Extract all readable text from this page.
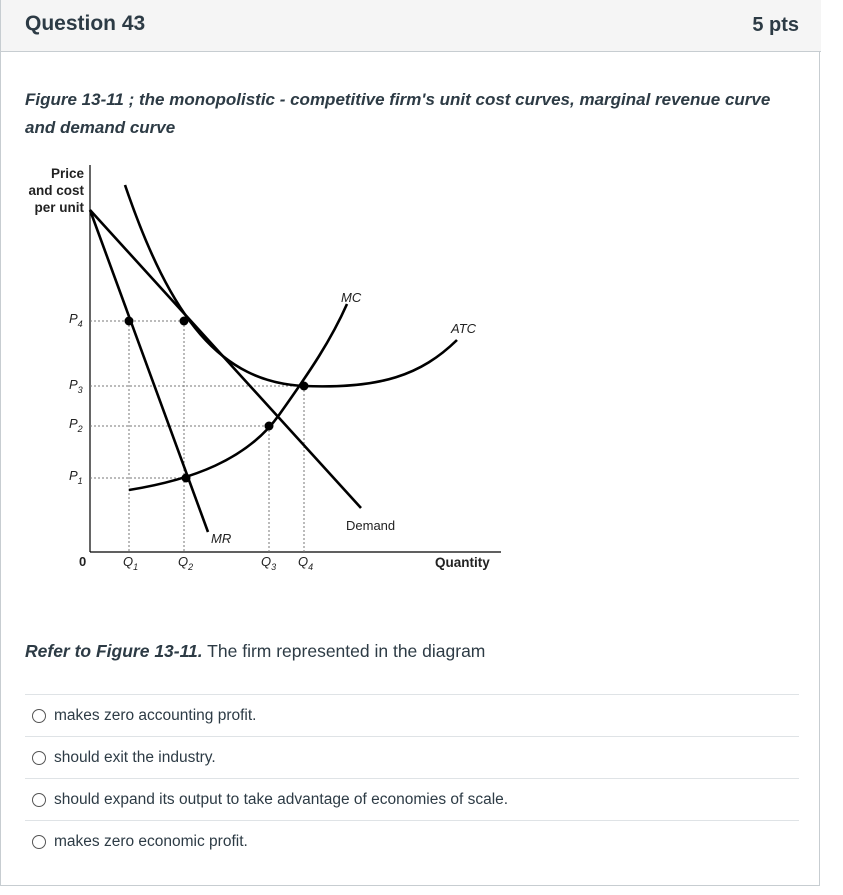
Question 43	5 pts
Figure 13-11 ; the monopolistic - competitive firm's unit cost curves, marginal revenue curve and demand curve
Price
and cost
per unit
MC
ATC
MR
Demand
$P_4$
$P_3$
$P_2$
$P_1$
0	$Q_1$	$Q_2$	$Q_3$ $Q_4$	Quantity
Refer to Figure 13-11. The firm represented in the diagram
makes zero accounting profit.
should exit the industry.
should expand its output to take advantage of economies of scale.
makes zero economic profit.
